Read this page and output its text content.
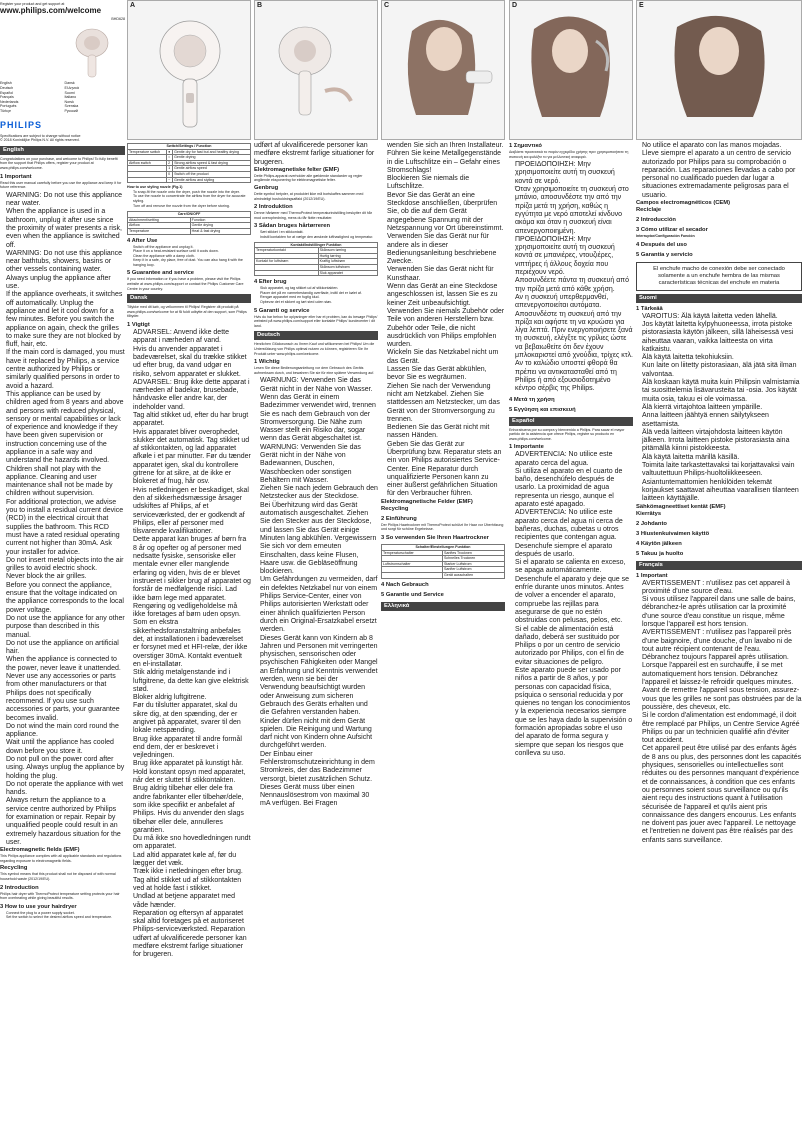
Register your product and get support at
www.philips.com/welcome
BHD628
English	Dansk
Deutsch	Ελληνικά
Español	Suomi
Français	Italiano
Nederlands	Norsk
Português	Svenska
Türkçe	Русский
PHILIPS
Specifications are subject to change without notice
© 2018 Koninklijke Philips N.V. All rights reserved.
English

Congratulations on your purchase, and welcome to Philips! To fully benefit from the support that Philips offers, register your product at www.philips.com/welcome.

1 Important

Read this user manual carefully before you use the appliance and keep it for future reference.

• WARNING: Do not use this appliance near water.
• When the appliance is used in a bathroom, unplug it after use since the proximity of water presents a risk, even when the appliance is switched off.
• WARNING: Do not use this appliance near bathtubs, showers, basins or other vessels containing water.
• Always unplug the appliance after use.
• If the appliance overheats, it switches off automatically. Unplug the appliance and let it cool down for a few minutes. Before you switch the appliance on again, check the grilles to make sure they are not blocked by fluff, hair, etc.
• If the main cord is damaged, you must have it replaced by Philips, a service centre authorized by Philips or similarly qualified persons in order to avoid a hazard.
• This appliance can be used by children aged from 8 years and above and persons with reduced physical, sensory or mental capabilities or lack of experience and knowledge if they have been given supervision or instruction concerning use of the appliance in a safe way and understand the hazards involved. Children shall not play with the appliance. Cleaning and user maintenance shall not be made by children without supervision.
• For additional protection, we advise you to install a residual current device (RCD) in the electrical circuit that supplies the bathroom. This RCD must have a rated residual operating current not higher than 30mA. Ask your installer for advice.
• Do not insert metal objects into the air grilles to avoid electric shock.
• Never block the air grilles.
• Before you connect the appliance, ensure that the voltage indicated on the appliance corresponds to the local power voltage.
• Do not use the appliance for any other purpose than described in this manual.
• Do not use the appliance on artificial hair.
• When the appliance is connected to the power, never leave it unattended.
• Never use any accessories or parts from other manufacturers or that Philips does not specifically recommend. If you use such accessories or parts, your guarantee becomes invalid.
• Do not wind the main cord round the appliance.
• Wait until the appliance has cooled down before you store it.
• Do not pull on the power cord after using. Always unplug the appliance by holding the plug.
• Do not operate the appliance with wet hands.
• Always return the appliance to a service centre authorized by Philips for examination or repair. Repair by unqualified people could result in an extremely hazardous situation for the user.
Electromagnetic fields (EMF)

This Philips appliance complies with all applicable standards and regulations regarding exposure to electromagnetic fields.

Recycling

This symbol means that this product shall not be disposed of with normal household waste (2012/19/EU).

2 Introduction

Philips hair dryer with ThermoProtect temperature setting protects your hair from overheating while giving beautiful results.

3 How to use your hairdryer
• Connect the plug to a power supply socket.
• Set the switch to select the desired airflow speed and temperature.
A
Switch/Settings / Function		
Temperature switch	●	Gentle dry for fast but and healthy drying
	○	Gentle drying
Airflow switch	2	Strong airflow speed & fast drying
	1	Gentle airflow speed
	0	Switch off the product
	~	Gentle airflow and styling
How to use styling nozzle (Fig.1)
• To snap-fit the nozzle onto the dryer, push the nozzle into the dryer.
• To use the nozzle to concentrate the airflow from the dryer for accurate styling.
• Turn off and remove the nozzle from the dryer before storing.
Care/ON/OFF	
Attachment/setting	Function
Airflow	Gentle drying
Temperature	Heat & fast drying
4 After Use
• Switch off the appliance and unplug it.
• Place it on a heat-resistant surface until it cools down.
• Clean the appliance with a damp cloth.
• Keep it in a safe, dry place, free of dust. You can also hang it with the hanging loop.
5 Guarantee and service

If you need information or if you have a problem, please visit the Philips website at www.philips.com/support or contact the Philips Customer Care Centre in your country.

Dansk

Tillykke med dit køb, og velkommen til Philips! Registrer dit produkt på www.philips.com/welcome for at få fuldt udbytte af den support, som Philips tilbyder.

1 Vigtigt
• ADVARSEL: Anvend ikke dette apparat i nærheden af vand.
• Hvis du anvender apparatet i badeværelset, skal du trække stikket ud efter brug, da vand udgør en risiko, selvom apparatet er slukket.
• ADVARSEL: Brug ikke dette apparat i nærheden af badekar, brusebade, håndvaske eller andre kar, der indeholder vand.
• Tag altid stikket ud, efter du har brugt apparatet.
• Hvis apparatet bliver overophedet, slukker det automatisk. Tag stikket ud af stikkontakten, og lad apparatet afkøle i et par minutter. Før du tænder apparatet igen, skal du kontrollere gitrene for at sikre, at de ikke er blokeret af fnug, hår osv.
• Hvis netledningen er beskadiget, skal den af sikkerhedsmæssige årsager udskiftes af Philips, af et serviceværksted, der er godkendt af Philips, eller af personer med tilsvarende kvalifikationer.
• Dette apparat kan bruges af børn fra 8 år og opefter og af personer med nedsatte fysiske, sensoriske eller mentale evner eller manglende erfaring og viden, hvis de er blevet instrueret i sikker brug af apparatet og forstår de medfølgende risici. Lad ikke børn lege med apparatet. Rengøring og vedligeholdelse må ikke foretages af børn uden opsyn.
• Som en ekstra sikkerhedsforanstaltning anbefales det, at installationen i badeværelset er forsynet med et HFI-relæ, der ikke overstiger 30mA. Kontakt eventuelt en el-installatør.
• Stik aldrig metalgenstande ind i luftgitrene, da dette kan give elektrisk stød.
• Bloker aldrig luftgitrene.
• Før du tilslutter apparatet, skal du sikre dig, at den spænding, der er angivet på apparatet, svarer til den lokale netspænding.
• Brug ikke apparatet til andre formål end dem, der er beskrevet i vejledningen.
• Brug ikke apparatet på kunstigt hår.
• Hold konstant opsyn med apparatet, når det er sluttet til stikkontakten.
• Brug aldrig tilbehør eller dele fra andre fabrikanter eller tilbehør/dele, som ikke specifikt er anbefalet af Philips. Hvis du anvender den slags tilbehør eller dele, annulleres garantien.
• Du må ikke sno hovedledningen rundt om apparatet.
• Lad altid apparatet køle af, før du lægger det væk.
• Træk ikke i netledningen efter brug. Tag altid stikket ud af stikkontakten ved at holde fast i stikket.
• Undlad at betjene apparatet med våde hænder.
• Reparation og eftersyn af apparatet skal altid foretages på et autoriseret Philips-serviceværksted. Reparation udført af ukvalificerede personer kan medføre ekstremt farlige situationer for brugeren.
B
udført af ukvalificerede personer kan medføre ekstremt farlige situationer for brugeren.
Elektromagnetiske felter (EMF)

Dette Philips-apparat overholder alle gældende standarder og regler angående eksponering for elektromagnetiske felter.

Genbrug

Dette symbol betyder, at produktet ikke må bortskaffes sammen med almindeligt husholdningsaffald (2012/19/EU).

2 Introduktion

Denne hårtørrer med ThermoProtect temperaturindstilling beskytter dit hår mod overophedning, mens du får flotte resultater.

3 Sådan bruges hårtørreren
• Sæt stikket i en stikkontakt.
• Indstil kontakten for at vælge den ønskede lufthastighed og temperatur.
Kontakt/Indstillinger Funktion	
Temperaturkontakt	Skånsom tørring
	Hurtig tørring
Kontakt for luftstrøm	Kraftig luftstrøm
	Skånsom luftstrøm
	Sluk apparatet
4 Efter brug
• Sluk apparatet, og tag stikket ud af stikkontakten.
• Placer det på en varmebestandig overflade, indtil det er kølet af.
• Rengør apparatet med en fugtig klud.
• Opbevar det et sikkert og tørt sted uden støv.
5 Garanti og service

Hvis du har behov for oplysninger eller har et problem, kan du besøge Philips' websted på www.philips.com/support eller kontakte Philips' kundecenter i dit land.

Deutsch

Herzlichen Glückwunsch zu Ihrem Kauf und willkommen bei Philips! Um die Unterstützung von Philips optimal nutzen zu können, registrieren Sie Ihr Produkt unter www.philips.com/welcome.

1 Wichtig

Lesen Sie diese Bedienungsanleitung vor dem Gebrauch des Geräts aufmerksam durch, und bewahren Sie sie für eine spätere Verwendung auf.

• WARNUNG: Verwenden Sie das Gerät nicht in der Nähe von Wasser.
• Wenn das Gerät in einem Badezimmer verwendet wird, trennen Sie es nach dem Gebrauch von der Stromversorgung. Die Nähe zum Wasser stellt ein Risiko dar, sogar wenn das Gerät abgeschaltet ist.
• WARNUNG: Verwenden Sie das Gerät nicht in der Nähe von Badewannen, Duschen, Waschbecken oder sonstigen Behältern mit Wasser.
• Ziehen Sie nach jedem Gebrauch den Netzstecker aus der Steckdose.
• Bei Überhitzung wird das Gerät automatisch ausgeschaltet. Ziehen Sie den Stecker aus der Steckdose, und lassen Sie das Gerät einige Minuten lang abkühlen. Vergewissern Sie sich vor dem erneuten Einschalten, dass keine Flusen, Haare usw. die Gebläseöffnung blockieren.
• Um Gefährdungen zu vermeiden, darf ein defektes Netzkabel nur von einem Philips Service-Center, einer von Philips autorisierten Werkstatt oder einer ähnlich qualifizierten Person durch ein Original-Ersatzkabel ersetzt werden.
• Dieses Gerät kann von Kindern ab 8 Jahren und Personen mit verringerten physischen, sensorischen oder psychischen Fähigkeiten oder Mangel an Erfahrung und Kenntnis verwendet werden, wenn sie bei der Verwendung beaufsichtigt wurden oder Anweisung zum sicheren Gebrauch des Geräts erhalten und die Gefahren verstanden haben. Kinder dürfen nicht mit dem Gerät spielen. Die Reinigung und Wartung darf nicht von Kindern ohne Aufsicht durchgeführt werden.
• Der Einbau einer Fehlerstromschutzeinrichtung in dem Stromkreis, der das Badezimmer versorgt, bietet zusätzlichen Schutz. Dieses Gerät muss über einen Nennauslösestrom von maximal 30 mA verfügen. Bei Fragen
C
• wenden Sie sich an Ihren Installateur.
• Führen Sie keine Metallgegenstände in die Luftschlitze ein – Gefahr eines Stromschlags!
• Blockieren Sie niemals die Luftschlitze.
• Bevor Sie das Gerät an eine Steckdose anschließen, überprüfen Sie, ob die auf dem Gerät angegebene Spannung mit der Netzspannung vor Ort übereinstimmt.
• Verwenden Sie das Gerät nur für andere als in dieser Bedienungsanleitung beschriebene Zwecke.
• Verwenden Sie das Gerät nicht für Kunsthaar.
• Wenn das Gerät an eine Steckdose angeschlossen ist, lassen Sie es zu keiner Zeit unbeaufsichtigt.
• Verwenden Sie niemals Zubehör oder Teile von anderen Herstellern bzw. Zubehör oder Teile, die nicht ausdrücklich von Philips empfohlen wurden.
• Wickeln Sie das Netzkabel nicht um das Gerät.
• Lassen Sie das Gerät abkühlen, bevor Sie es wegräumen.
• Ziehen Sie nach der Verwendung nicht am Netzkabel. Ziehen Sie stattdessen am Netzstecker, um das Gerät von der Stromversorgung zu trennen.
• Bedienen Sie das Gerät nicht mit nassen Händen.
• Geben Sie das Gerät zur Überprüfung bzw. Reparatur stets an ein von Philips autorisiertes Service-Center. Eine Reparatur durch unqualifizierte Personen kann zu einer äußerst gefährlichen Situation für den Verbraucher führen.
Elektromagnetische Felder (EMF)
Recycling
2 Einführung

Der Philips Haartrockner mit ThermoProtect schützt Ihr Haar vor Überhitzung und sorgt für schöne Ergebnisse.

3 So verwenden Sie Ihren Haartrockner
Schalter/Einstellungen Funktion	
Temperaturschalter	Sanftes Trocknen
	Schnelles Trocknen
Luftstromschalter	Starker Luftstrom
	Sanfter Luftstrom
	Gerät ausschalten
4 Nach Gebrauch
5 Garantie und Service
Ελληνικά
D
1 Σημαντικό

Διαβάστε προσεκτικά το παρόν εγχειρίδιο χρήσης πριν χρησιμοποιήσετε τη συσκευή και φυλάξτε το για μελλοντική αναφορά.

• ΠΡΟΕΙΔΟΠΟΙΗΣΗ: Μην χρησιμοποιείτε αυτή τη συσκευή κοντά σε νερό.
• Όταν χρησιμοποιείτε τη συσκευή στο μπάνιο, αποσυνδέστε την από την πρίζα μετά τη χρήση, καθώς η εγγύτητα με νερό αποτελεί κίνδυνο ακόμα και όταν η συσκευή είναι απενεργοποιημένη.
• ΠΡΟΕΙΔΟΠΟΙΗΣΗ: Μην χρησιμοποιείτε αυτή τη συσκευή κοντά σε μπανιέρες, ντουζιέρες, νιπτήρες ή άλλους δοχεία που περιέχουν νερό.
• Αποσυνδέετε πάντα τη συσκευή από την πρίζα μετά από κάθε χρήση.
• Αν η συσκευή υπερθερμανθεί, απενεργοποιείται αυτόματα. Αποσυνδέστε τη συσκευή από την πρίζα και αφήστε τη να κρυώσει για λίγα λεπτά. Πριν ενεργοποιήσετε ξανά τη συσκευή, ελέγξτε τις γρίλιες ώστε να βεβαιωθείτε ότι δεν έχουν μπλοκαριστεί από χνούδια, τρίχες κτλ.
• Αν το καλώδιο υποστεί φθορά θα πρέπει να αντικατασταθεί από τη Philips ή από εξουσιοδοτημένο κέντρο σέρβις της Philips.
4 Μετά τη χρήση
5 Εγγύηση και επισκευή
Español

Enhorabuena por su compra y bienvenido a Philips. Para sacar el mayor partido de la asistencia que ofrece Philips, registre su producto en www.philips.com/welcome.

1 Importante
• ADVERTENCIA: No utilice este aparato cerca del agua.
• Si utiliza el aparato en el cuarto de baño, desenchúfelo después de usarlo. La proximidad de agua representa un riesgo, aunque el aparato esté apagado.
• ADVERTENCIA: No utilice este aparato cerca del agua ni cerca de bañeras, duchas, cubetas u otros recipientes que contengan agua.
• Desenchufe siempre el aparato después de usarlo.
• Si el aparato se calienta en exceso, se apaga automáticamente. Desenchufe el aparato y deje que se enfríe durante unos minutos. Antes de volver a encender el aparato, compruebe las rejillas para asegurarse de que no estén obstruidas con pelusas, pelos, etc.
• Si el cable de alimentación está dañado, deberá ser sustituido por Philips o por un centro de servicio autorizado por Philips, con el fin de evitar situaciones de peligro.
• Este aparato puede ser usado por niños a partir de 8 años, y por personas con capacidad física, psíquica o sensorial reducida y por quienes no tengan los conocimientos y la experiencia necesarios siempre que se les haya dado la supervisión o formación apropiadas sobre el uso del aparato de forma segura y siempre que sepan los riesgos que conlleva su uso.
E
• No utilice el aparato con las manos mojadas.
• Lleve siempre el aparato a un centro de servicio autorizado por Philips para su comprobación o reparación. Las reparaciones llevadas a cabo por personal no cualificado pueden dar lugar a situaciones extremadamente peligrosas para el usuario.
Campos electromagnéticos (CEM)
Reciclaje
2 Introducción
3 Cómo utilizar el secador
Interruptor/Configuración Función
4 Después del uso
5 Garantía y servicio
El enchufe macho de conexión debe ser conectado solamente a un enchufe hembra de las mismas características técnicas del enchufe en materia
Suomi
1 Tärkeää
• VAROITUS: Älä käytä laitetta veden lähellä.
• Jos käytät laitetta kylpyhuoneessa, irrota pistoke pistorasiasta käytön jälkeen, sillä läheisessä vesi aiheuttaa vaaran, vaikka laitteesta on virta katkaistu.
• Älä käytä laitetta tekohiuksiin.
• Kun laite on liitetty pistorasiaan, älä jätä sitä ilman valvontaa.
• Älä koskaan käytä muita kuin Philipsin valmistamia tai suosittelemia lisävarusteita tai -osia. Jos käytät muita osia, takuu ei ole voimassa.
• Älä kierrä virtajohtoa laitteen ympärille.
• Anna laitteen jäähtyä ennen säilytykseen asettamista.
• Älä vedä laitteen virtajohdosta laitteen käytön jälkeen. Irrota laitteen pistoke pistorasiasta aina pitämällä kiinni pistokkeesta.
• Älä käytä laitetta märillä käsillä.
• Toimita laite tarkastettavaksi tai korjattavaksi vain valtuutettuun Philips-huoltoliikkeeseen. Asiantuntemattomien henkilöiden tekemät korjaukset saattavat aiheuttaa vaarallisen tilanteen laitteen käyttäjälle.
Sähkömagneettiset kentät (EMF)
Kierrätys
2 Johdanto
3 Hiustenkuivaimen käyttö
4 Käytön jälkeen
5 Takuu ja huolto
Français
1 Important
• AVERTISSEMENT : n'utilisez pas cet appareil à proximité d'une source d'eau.
• Si vous utilisez l'appareil dans une salle de bains, débranchez-le après utilisation car la proximité d'une source d'eau constitue un risque, même lorsque l'appareil est hors tension.
• AVERTISSEMENT : n'utilisez pas l'appareil près d'une baignoire, d'une douche, d'un lavabo ni de tout autre récipient contenant de l'eau.
• Débranchez toujours l'appareil après utilisation.
• Lorsque l'appareil est en surchauffe, il se met automatiquement hors tension. Débranchez l'appareil et laissez-le refroidir quelques minutes. Avant de remettre l'appareil sous tension, assurez-vous que les grilles ne sont pas obstruées par de la poussière, des cheveux, etc.
• Si le cordon d'alimentation est endommagé, il doit être remplacé par Philips, un Centre Service Agréé Philips ou par un technicien qualifié afin d'éviter tout accident.
• Cet appareil peut être utilisé par des enfants âgés de 8 ans ou plus, des personnes dont les capacités physiques, sensorielles ou intellectuelles sont réduites ou des personnes manquant d'expérience et de connaissances, à condition que ces enfants ou personnes soient sous surveillance ou qu'ils aient reçu des instructions quant à l'utilisation sécurisée de l'appareil et qu'ils aient pris connaissance des dangers encourus. Les enfants ne doivent pas jouer avec l'appareil. Le nettoyage et l'entretien ne doivent pas être réalisés par des enfants sans surveillance.
